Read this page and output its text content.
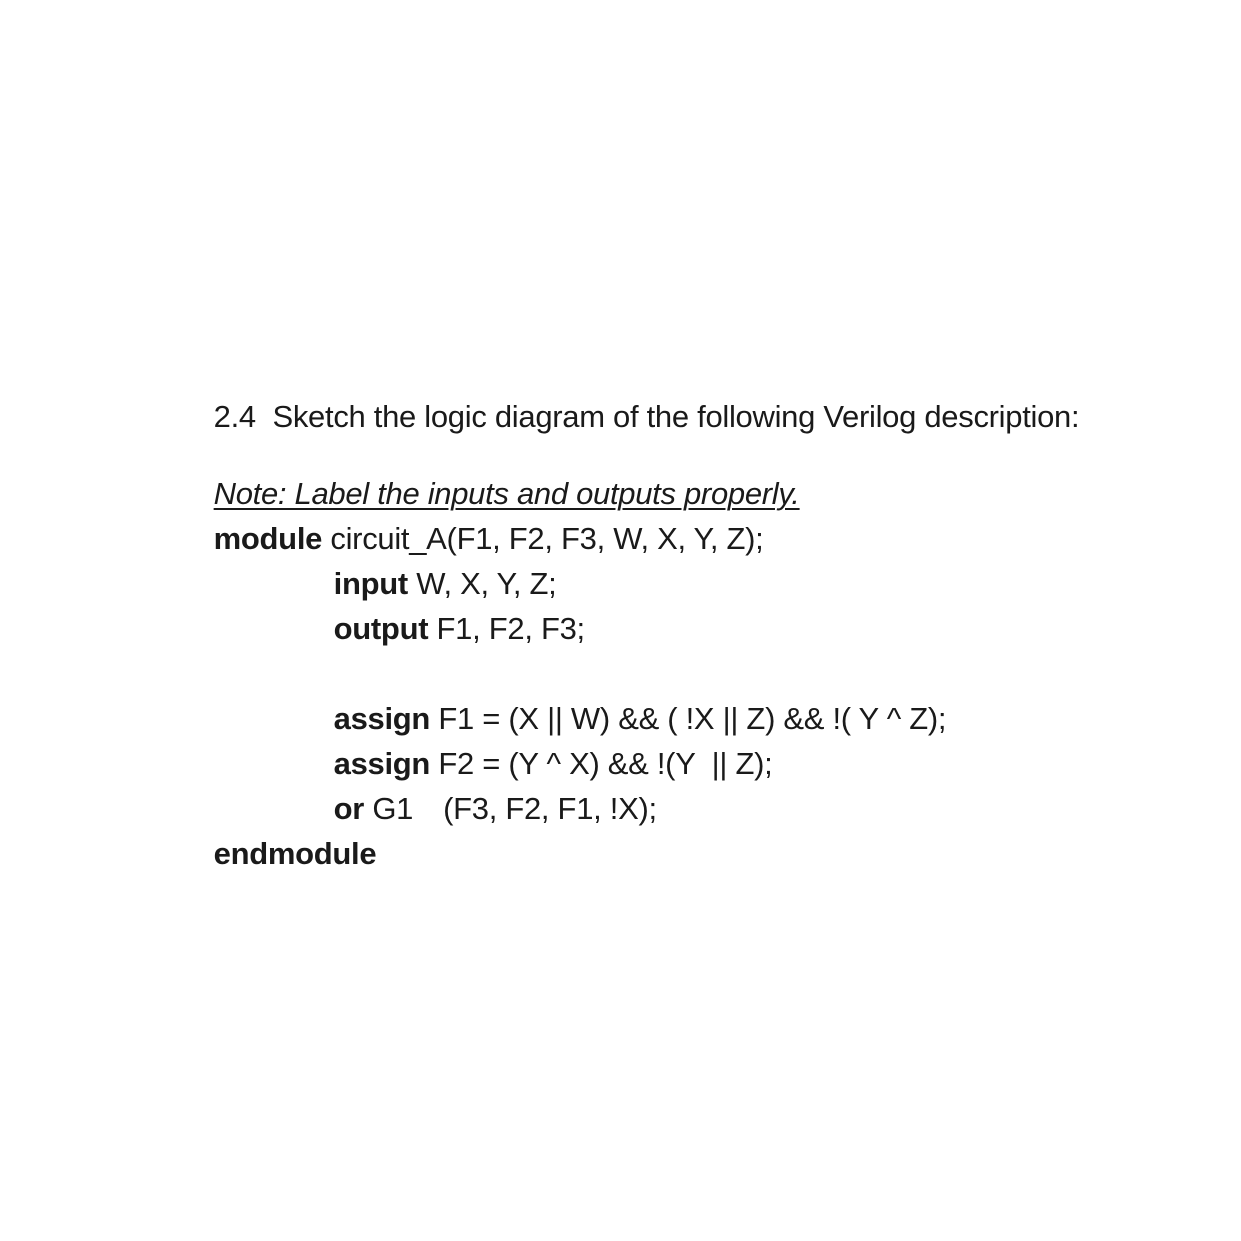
2.4 Sketch the logic diagram of the following Verilog description:

Note: Label the inputs and outputs properly.

module circuit_A(F1, F2, F3, W, X, Y, Z);

input W, X, Y, Z;

output F1, F2, F3;

assign F1 = (X || W) && ( !X || Z) && !( Y ^ Z);

assign F2 = (Y ^ X) && !(Y  || Z);

or G1 (F3, F2, F1, !X);

endmodule
